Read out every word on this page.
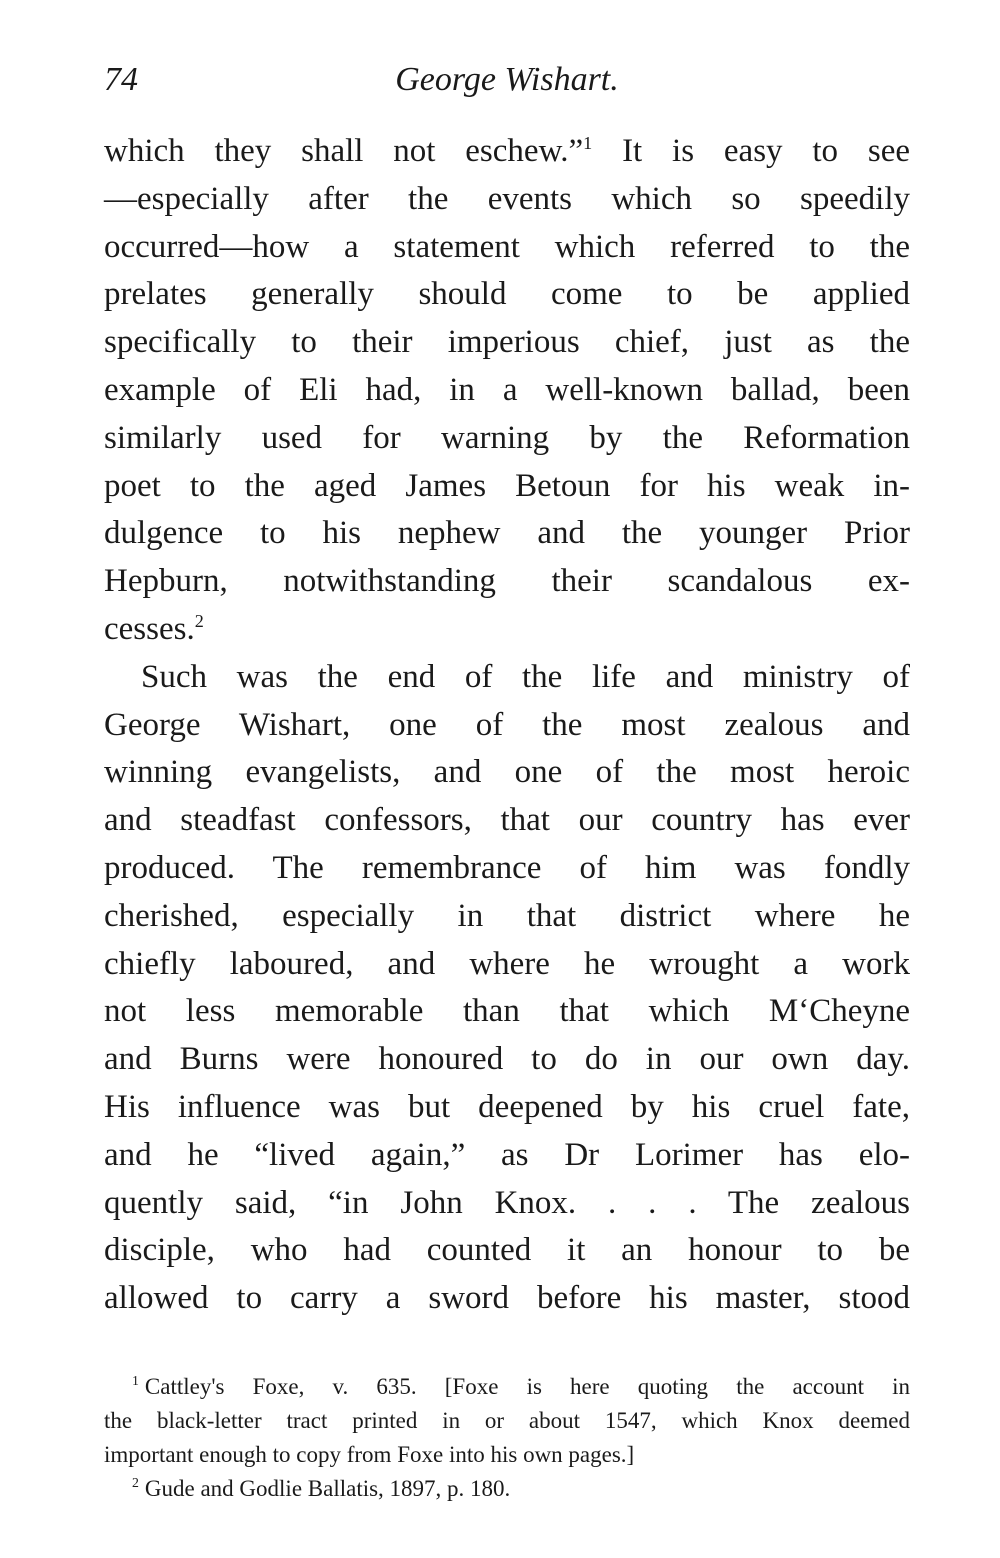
74	George Wishart.

which they shall not eschew.”$^1$ It is easy to see
—especially after the events which so speedily
occurred—how a statement which referred to the
prelates generally should come to be applied
specifically to their imperious chief, just as the
example of Eli had, in a well-known ballad, been
similarly used for warning by the Reformation
poet to the aged James Betoun for his weak in-
dulgence to his nephew and the younger Prior
Hepburn, notwithstanding their scandalous ex-
cesses.$^2$

Such was the end of the life and ministry of
George Wishart, one of the most zealous and
winning evangelists, and one of the most heroic
and steadfast confessors, that our country has ever
produced. The remembrance of him was fondly
cherished, especially in that district where he
chiefly laboured, and where he wrought a work
not less memorable than that which M‘Cheyne
and Burns were honoured to do in our own day.
His influence was but deepened by his cruel fate,
and he “lived again,” as Dr Lorimer has elo-
quently said, “in John Knox. . . . The zealous
disciple, who had counted it an honour to be
allowed to carry a sword before his master, stood

$^1$ Cattley's Foxe, v. 635. [Foxe is here quoting the account in
the black-letter tract printed in or about 1547, which Knox deemed
important enough to copy from Foxe into his own pages.]
$^2$ Gude and Godlie Ballatis, 1897, p. 180.
